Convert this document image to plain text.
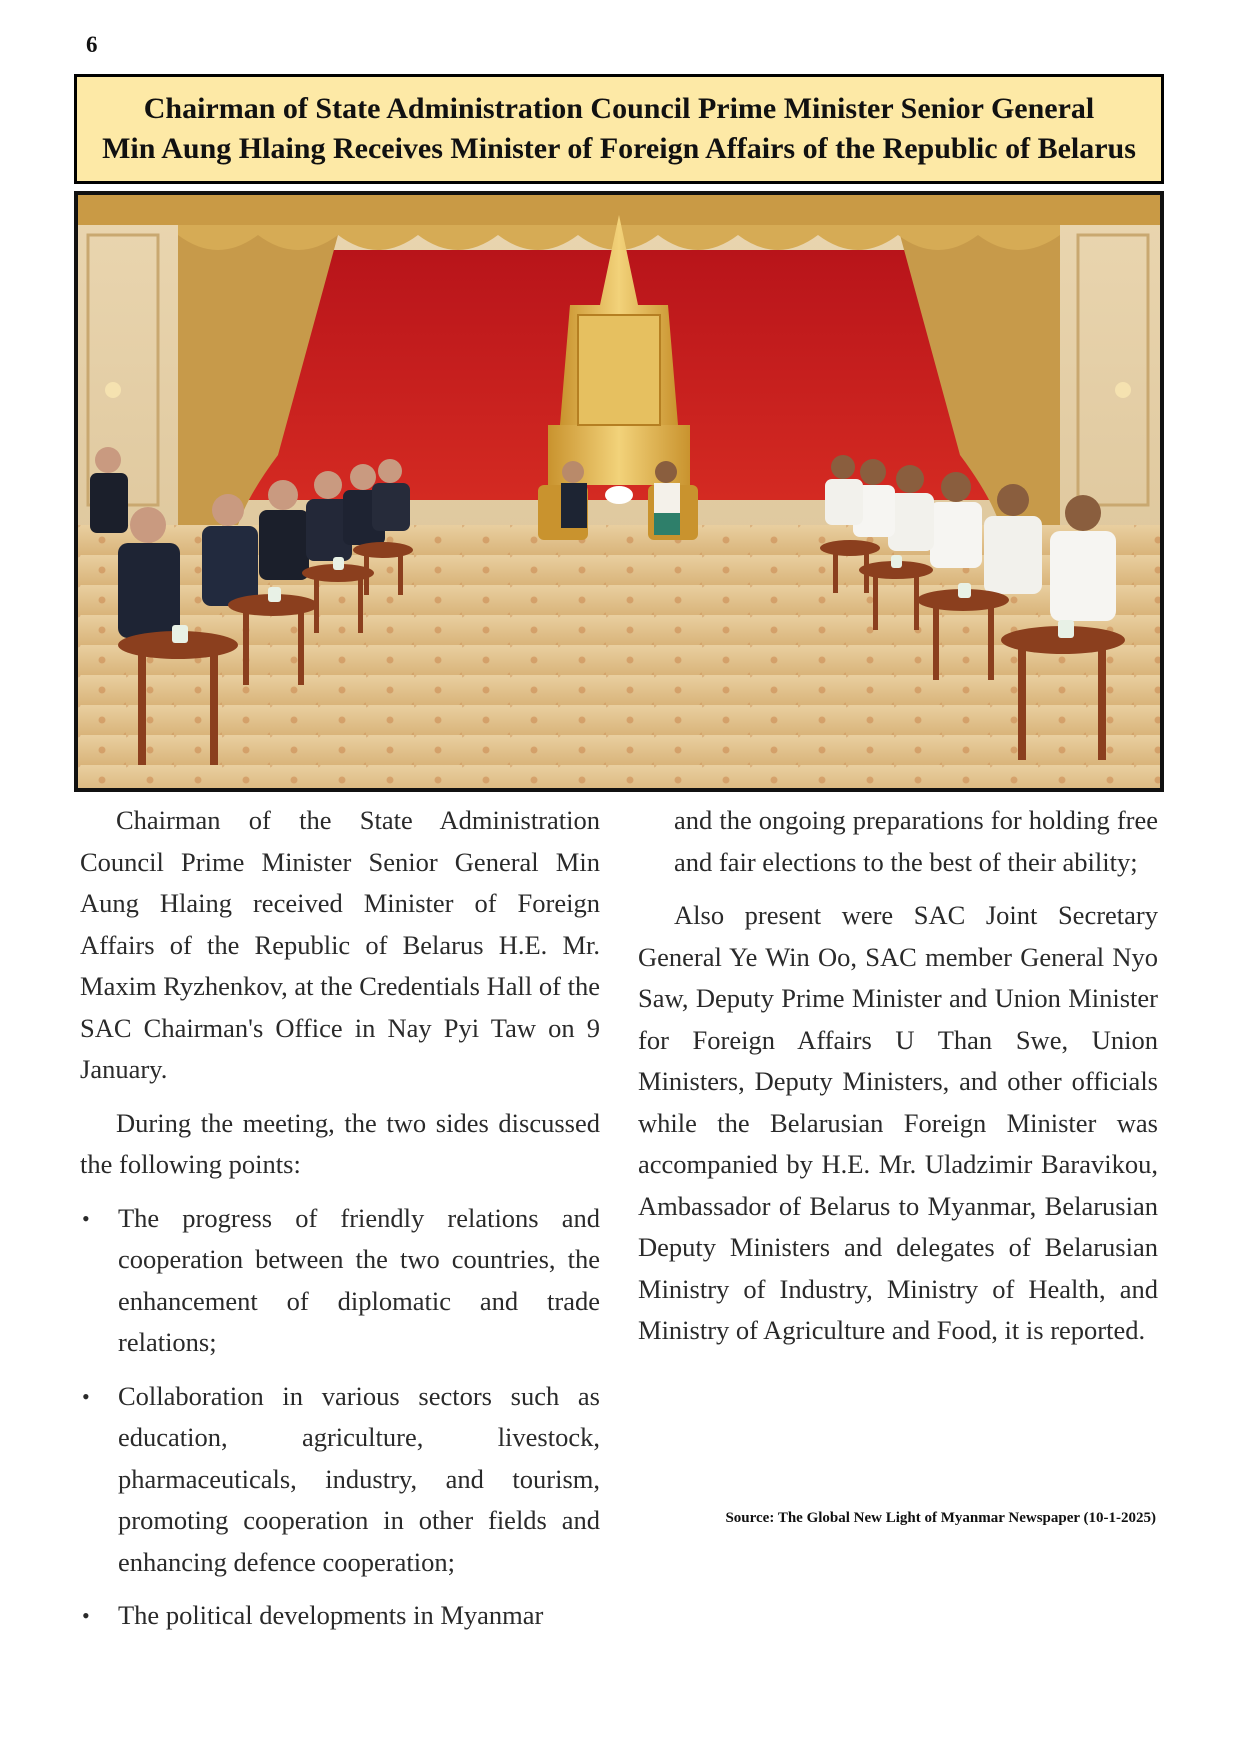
6
Chairman of State Administration Council Prime Minister Senior General
Min Aung Hlaing Receives Minister of Foreign Affairs of the Republic of Belarus

Chairman of the State Administration Council Prime Minister Senior General Min Aung Hlaing received Minister of Foreign Affairs of the Republic of Belarus H.E. Mr. Maxim Ryzhenkov, at the Credentials Hall of the SAC Chairman's Office in Nay Pyi Taw on 9 January.

During the meeting, the two sides discussed the following points:

• The progress of friendly relations and cooperation between the two countries, the enhancement of diplomatic and trade relations;
• Collaboration in various sectors such as education, agriculture, livestock, pharmaceuticals, industry, and tourism, promoting cooperation in other fields and enhancing defence cooperation;
• The political developments in Myanmar

and the ongoing preparations for holding free and fair elections to the best of their ability;

Also present were SAC Joint Secretary General Ye Win Oo, SAC member General Nyo Saw, Deputy Prime Minister and Union Minister for Foreign Affairs U Than Swe, Union Ministers, Deputy Ministers, and other officials while the Belarusian Foreign Minister was accompanied by H.E. Mr. Uladzimir Baravikou, Ambassador of Belarus to Myanmar, Belarusian Deputy Ministers and delegates of Belarusian Ministry of Industry, Ministry of Health, and Ministry of Agriculture and Food, it is reported.

Source: The Global New Light of Myanmar Newspaper (10-1-2025)
